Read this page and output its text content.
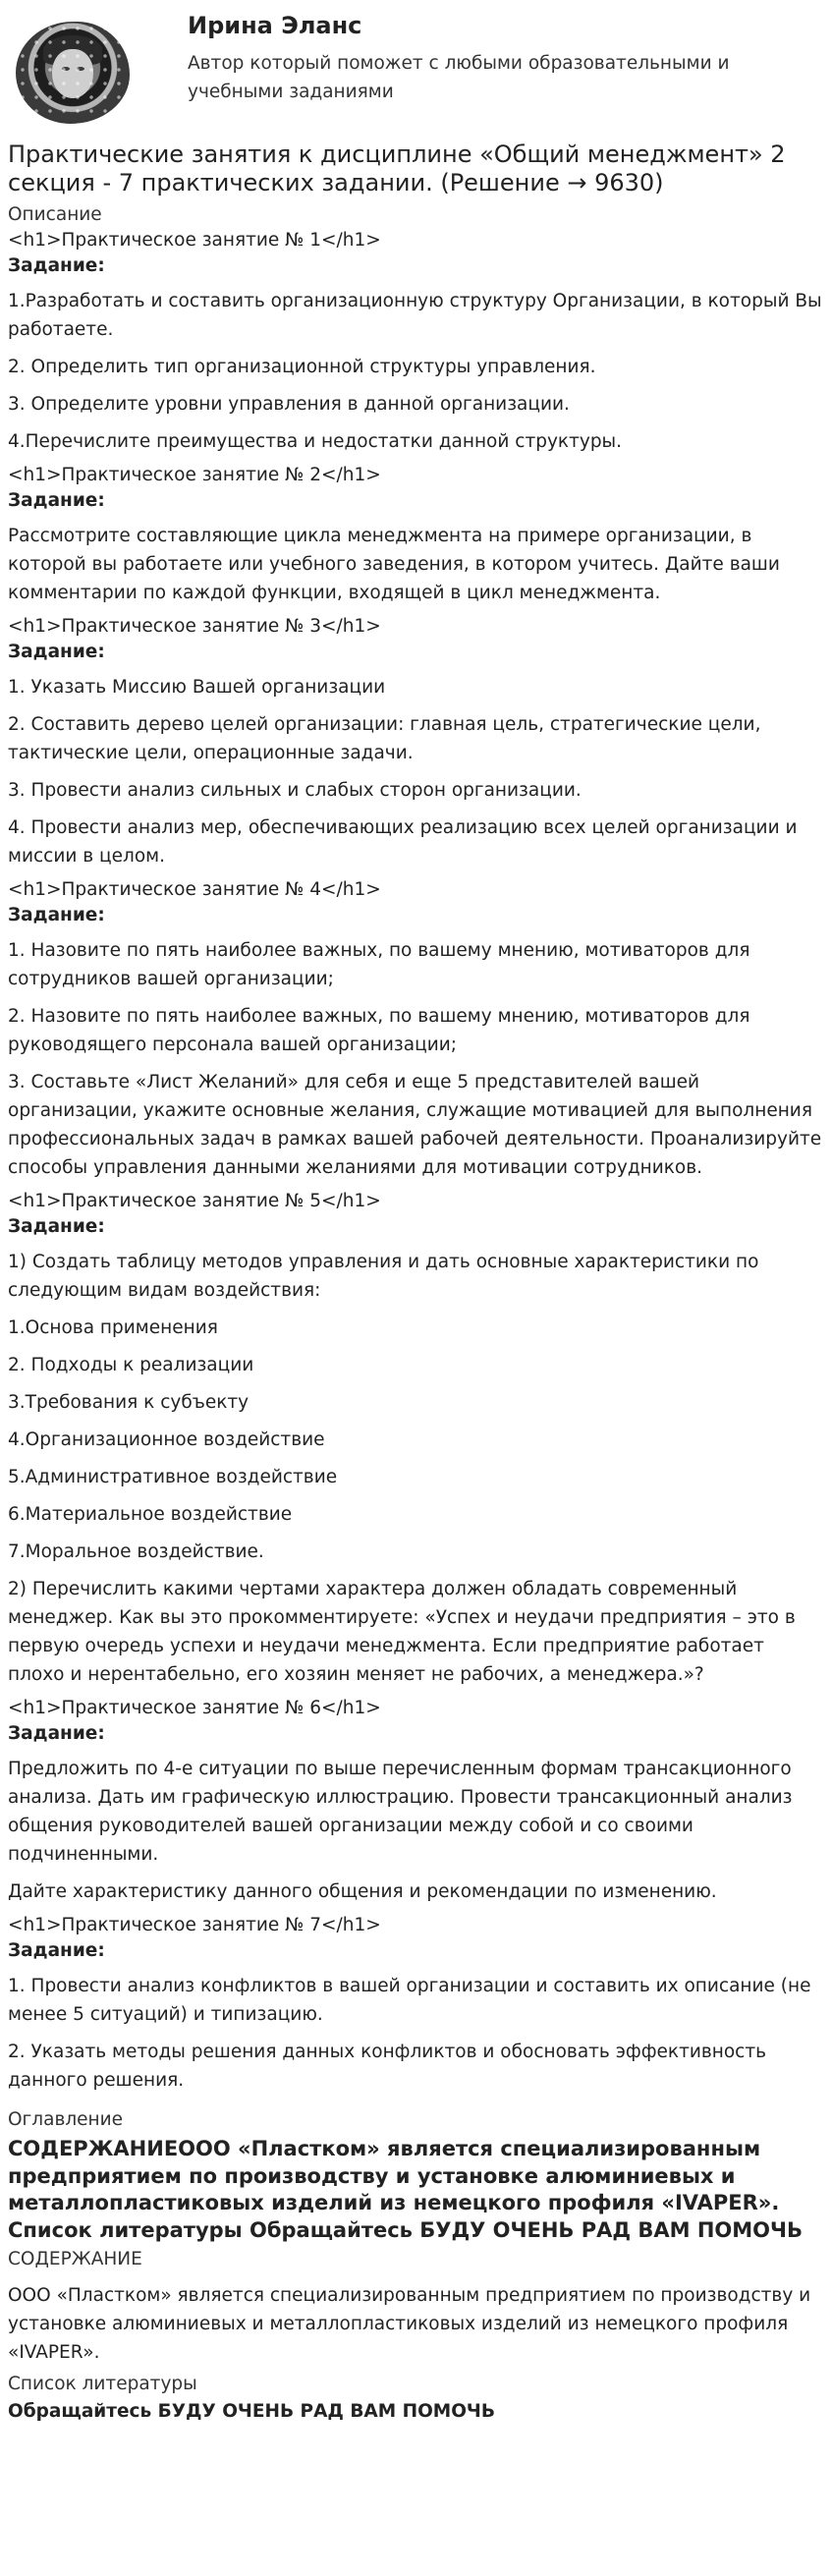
Ирина Эланс
Автор который поможет с любыми образовательными и учебными заданиями
Практические занятия к дисциплине «Общий менеджмент» 2 секция - 7 практических задании. (Решение → 9630)
Описание
<h1>Практическое занятие № 1</h1>
Задание:

1.Разработать и составить организационную структуру Организации, в который Вы работаете.

2. Определить тип организационной структуры управления.

3. Определите уровни управления в данной организации.

4.Перечислите преимущества и недостатки данной структуры.

<h1>Практическое занятие № 2</h1>
Задание:

Рассмотрите составляющие цикла менеджмента на примере организации, в которой вы работаете или учебного заведения, в котором учитесь. Дайте ваши комментарии по каждой функции, входящей в цикл менеджмента.

<h1>Практическое занятие № 3</h1>
Задание:

1. Указать Миссию Вашей организации

2. Составить дерево целей организации: главная цель, стратегические цели, тактические цели, операционные задачи.

3. Провести анализ сильных и слабых сторон организации.

4. Провести анализ мер, обеспечивающих реализацию всех целей организации и миссии в целом.

<h1>Практическое занятие № 4</h1>
Задание:

1. Назовите по пять наиболее важных, по вашему мнению, мотиваторов для сотрудников вашей организации;

2. Назовите по пять наиболее важных, по вашему мнению, мотиваторов для руководящего персонала вашей организации;

3. Составьте «Лист Желаний» для себя и еще 5 представителей вашей организации, укажите основные желания, служащие мотивацией для выполнения профессиональных задач в рамках вашей рабочей деятельности. Проанализируйте способы управления данными желаниями для мотивации сотрудников.

<h1>Практическое занятие № 5</h1>
Задание:

1) Создать таблицу методов управления и дать основные характеристики по следующим видам воздействия:

1.Основа применения

2. Подходы к реализации

3.Требования к субъекту

4.Организационное воздействие

5.Административное воздействие

6.Материальное воздействие

7.Моральное воздействие.

2) Перечислить какими чертами характера должен обладать современный менеджер. Как вы это прокомментируете: «Успех и неудачи предприятия – это в первую очередь успехи и неудачи менеджмента. Если предприятие работает плохо и нерентабельно, его хозяин меняет не рабочих, а менеджера.»?

<h1>Практическое занятие № 6</h1>
Задание:

Предложить по 4-е ситуации по выше перечисленным формам трансакционного анализа. Дать им графическую иллюстрацию. Провести трансакционный анализ общения руководителей вашей организации между собой и со своими подчиненными.

Дайте характеристику данного общения и рекомендации по изменению.

<h1>Практическое занятие № 7</h1>
Задание:

1. Провести анализ конфликтов в вашей организации и составить их описание (не менее 5 ситуаций) и типизацию.

2. Указать методы решения данных конфликтов и обосновать эффективность данного решения.

Оглавление
СОДЕРЖАНИЕООО «Пластком» является специализированным предприятием по производству и установке алюминиевых и металлопластиковых изделий из немецкого профиля «IVAPER». Список литературы Обращайтесь БУДУ ОЧЕНЬ РАД ВАМ ПОМОЧЬ
СОДЕРЖАНИЕ

ООО «Пластком» является специализированным предприятием по производству и установке алюминиевых и металлопластиковых изделий из немецкого профиля «IVAPER».

Список литературы
Обращайтесь БУДУ ОЧЕНЬ РАД ВАМ ПОМОЧЬ
